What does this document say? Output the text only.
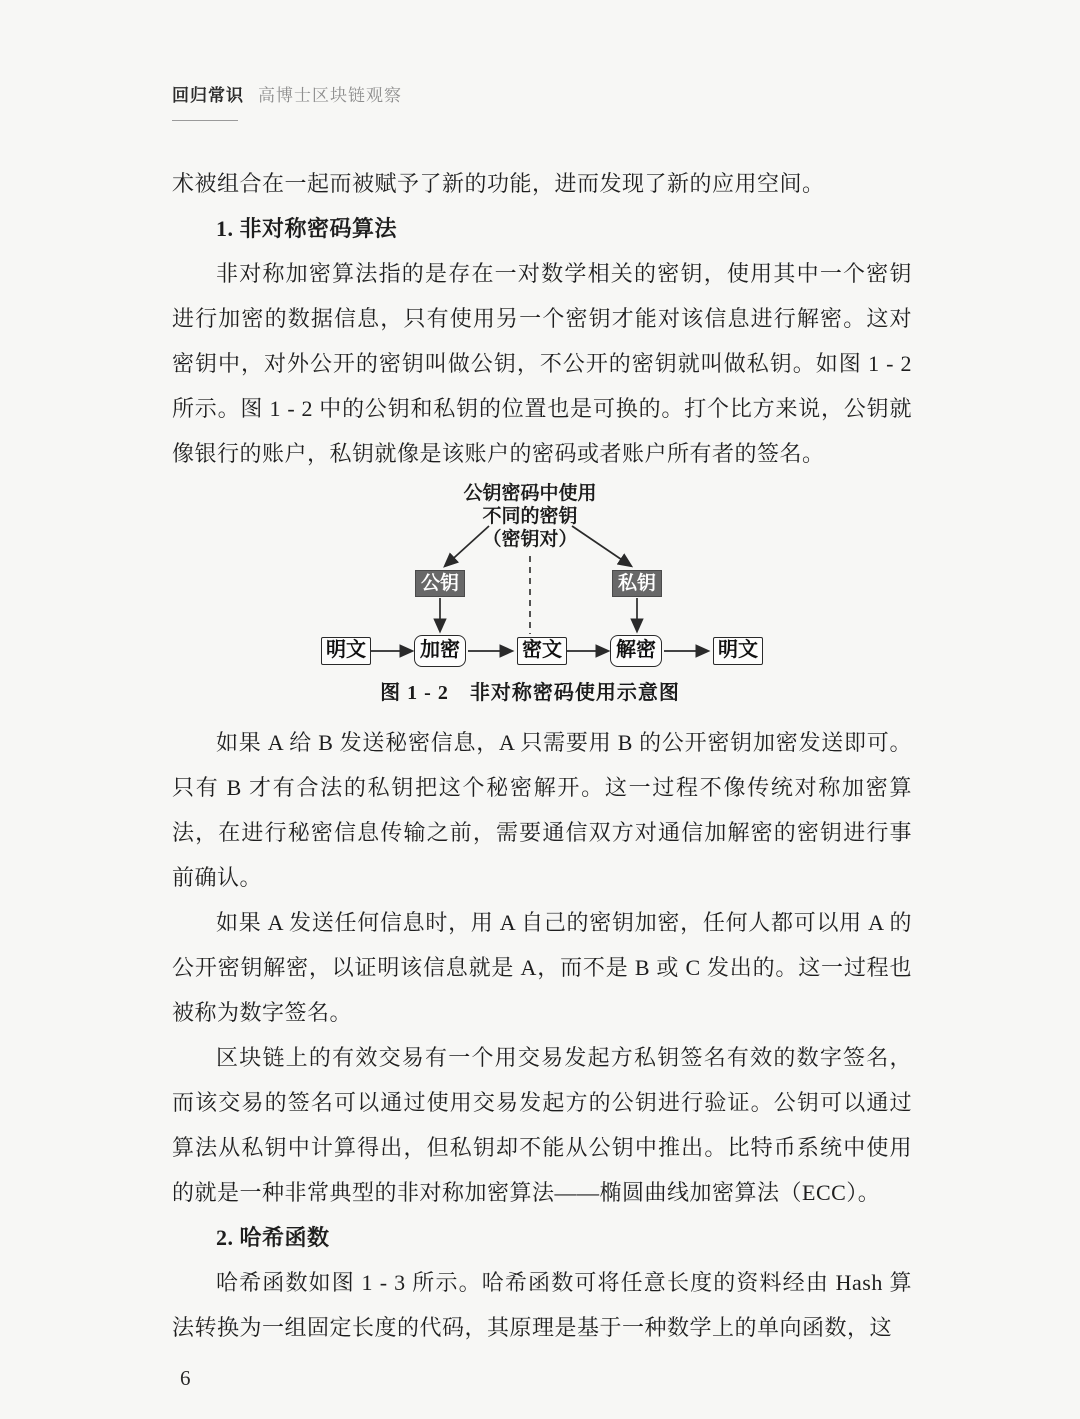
回归常识 高博士区块链观察

术被组合在一起而被赋予了新的功能，进而发现了新的应用空间。

1. 非对称密码算法

非对称加密算法指的是存在一对数学相关的密钥，使用其中一个密钥进行加密的数据信息，只有使用另一个密钥才能对该信息进行解密。这对密钥中，对外公开的密钥叫做公钥，不公开的密钥就叫做私钥。如图 1 - 2 所示。图 1 - 2 中的公钥和私钥的位置也是可换的。打个比方来说，公钥就像银行的账户，私钥就像是该账户的密码或者账户所有者的签名。

公钥密码中使用
不同的密钥
（密钥对）
公钥	私钥
明文	加密	密文	解密	明文
图 1 - 2　非对称密码使用示意图

如果 A 给 B 发送秘密信息，A 只需要用 B 的公开密钥加密发送即可。只有 B 才有合法的私钥把这个秘密解开。这一过程不像传统对称加密算法，在进行秘密信息传输之前，需要通信双方对通信加解密的密钥进行事前确认。

如果 A 发送任何信息时，用 A 自己的密钥加密，任何人都可以用 A 的公开密钥解密，以证明该信息就是 A，而不是 B 或 C 发出的。这一过程也被称为数字签名。

区块链上的有效交易有一个用交易发起方私钥签名有效的数字签名，而该交易的签名可以通过使用交易发起方的公钥进行验证。公钥可以通过算法从私钥中计算得出，但私钥却不能从公钥中推出。比特币系统中使用的就是一种非常典型的非对称加密算法——椭圆曲线加密算法（ECC）。

2. 哈希函数

哈希函数如图 1 - 3 所示。哈希函数可将任意长度的资料经由 Hash 算法转换为一组固定长度的代码，其原理是基于一种数学上的单向函数，这

6
